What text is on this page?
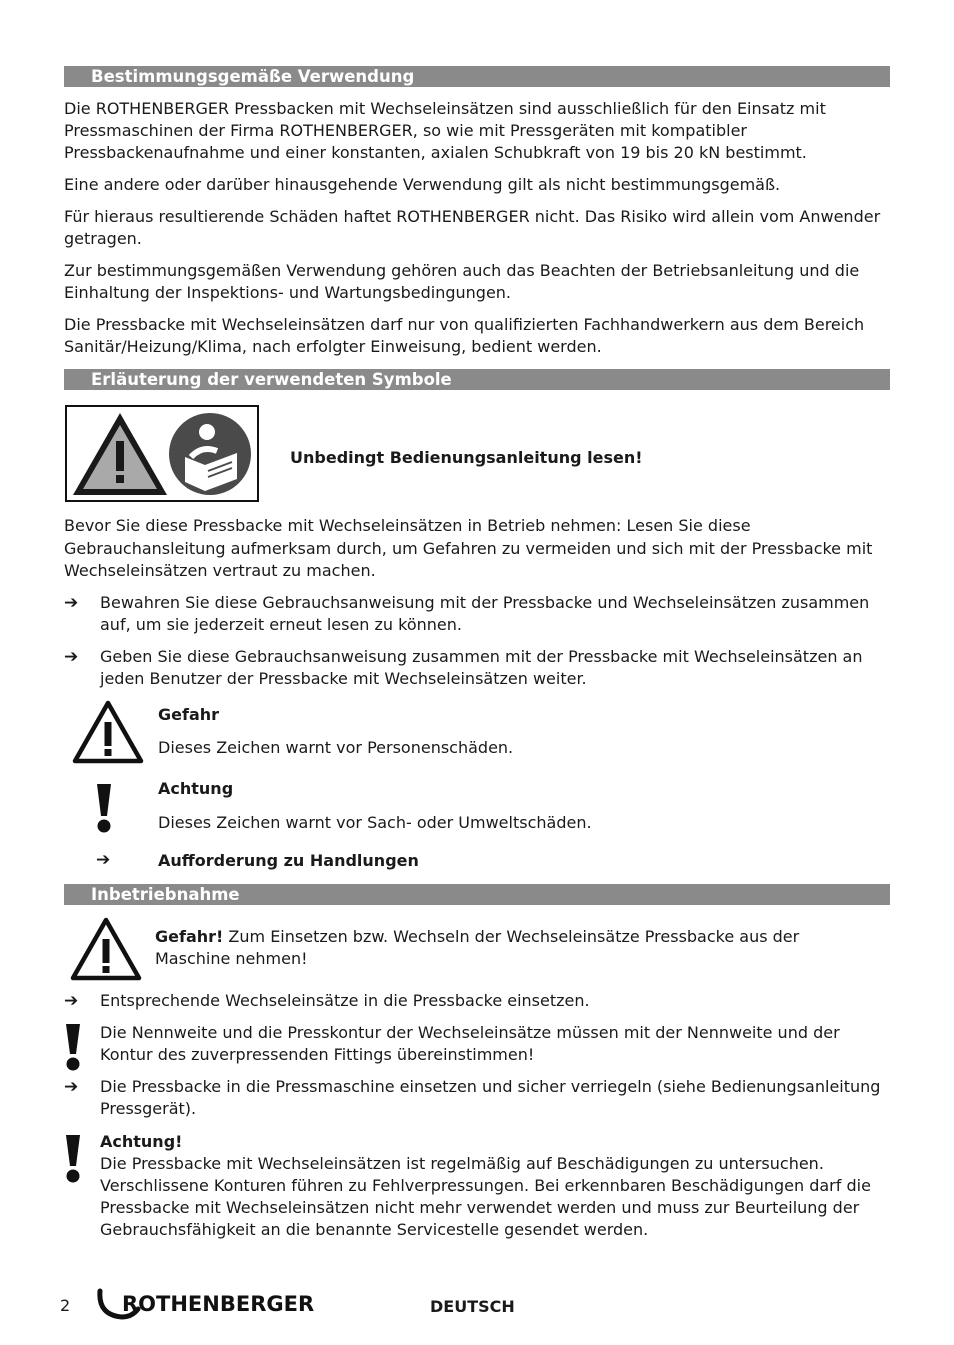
Bestimmungsgemäße Verwendung

Die ROTHENBERGER Pressbacken mit Wechseleinsätzen sind ausschließlich für den Einsatz mit Pressmaschinen der Firma ROTHENBERGER, so wie mit Pressgeräten mit kompatibler Pressbackenaufnahme und einer konstanten, axialen Schubkraft von 19 bis 20 kN bestimmt.

Eine andere oder darüber hinausgehende Verwendung gilt als nicht bestimmungsgemäß.

Für hieraus resultierende Schäden haftet ROTHENBERGER nicht. Das Risiko wird allein vom Anwender getragen.

Zur bestimmungsgemäßen Verwendung gehören auch das Beachten der Betriebsanleitung und die Einhaltung der Inspektions- und Wartungsbedingungen.

Die Pressbacke mit Wechseleinsätzen darf nur von qualifizierten Fachhandwerkern aus dem Bereich Sanitär/Heizung/Klima, nach erfolgter Einweisung, bedient werden.

Erläuterung der verwendeten Symbole
Unbedingt Bedienungsanleitung lesen!

Bevor Sie diese Pressbacke mit Wechseleinsätzen in Betrieb nehmen: Lesen Sie diese Gebrauchansleitung aufmerksam durch, um Gefahren zu vermeiden und sich mit der Pressbacke mit Wechseleinsätzen vertraut zu machen.

➔ Bewahren Sie diese Gebrauchsanweisung mit der Pressbacke und Wechseleinsätzen zusammen auf, um sie jederzeit erneut lesen zu können.
➔ Geben Sie diese Gebrauchsanweisung zusammen mit der Pressbacke mit Wechseleinsätzen an jeden Benutzer der Pressbacke mit Wechseleinsätzen weiter.
Gefahr
Dieses Zeichen warnt vor Personenschäden.
Achtung
Dieses Zeichen warnt vor Sach- oder Umweltschäden.
➔	Aufforderung zu Handlungen
Inbetriebnahme
Gefahr! Zum Einsetzen bzw. Wechseln der Wechseleinsätze Pressbacke aus der Maschine nehmen!
➔ Entsprechende Wechseleinsätze in die Pressbacke einsetzen.
Die Nennweite und die Presskontur der Wechseleinsätze müssen mit der Nennweite und der Kontur des zuverpressenden Fittings übereinstimmen!
➔ Die Pressbacke in die Pressmaschine einsetzen und sicher verriegeln (siehe Bedienungsanleitung Pressgerät).
Achtung!
Die Pressbacke mit Wechseleinsätzen ist regelmäßig auf Beschädigungen zu untersuchen. Verschlissene Konturen führen zu Fehlverpressungen. Bei erkennbaren Beschädigungen darf die Pressbacke mit Wechseleinsätzen nicht mehr verwendet werden und muss zur Beurteilung der Gebrauchsfähigkeit an die benannte Servicestelle gesendet werden.
2 ROTHENBERGER	DEUTSCH
